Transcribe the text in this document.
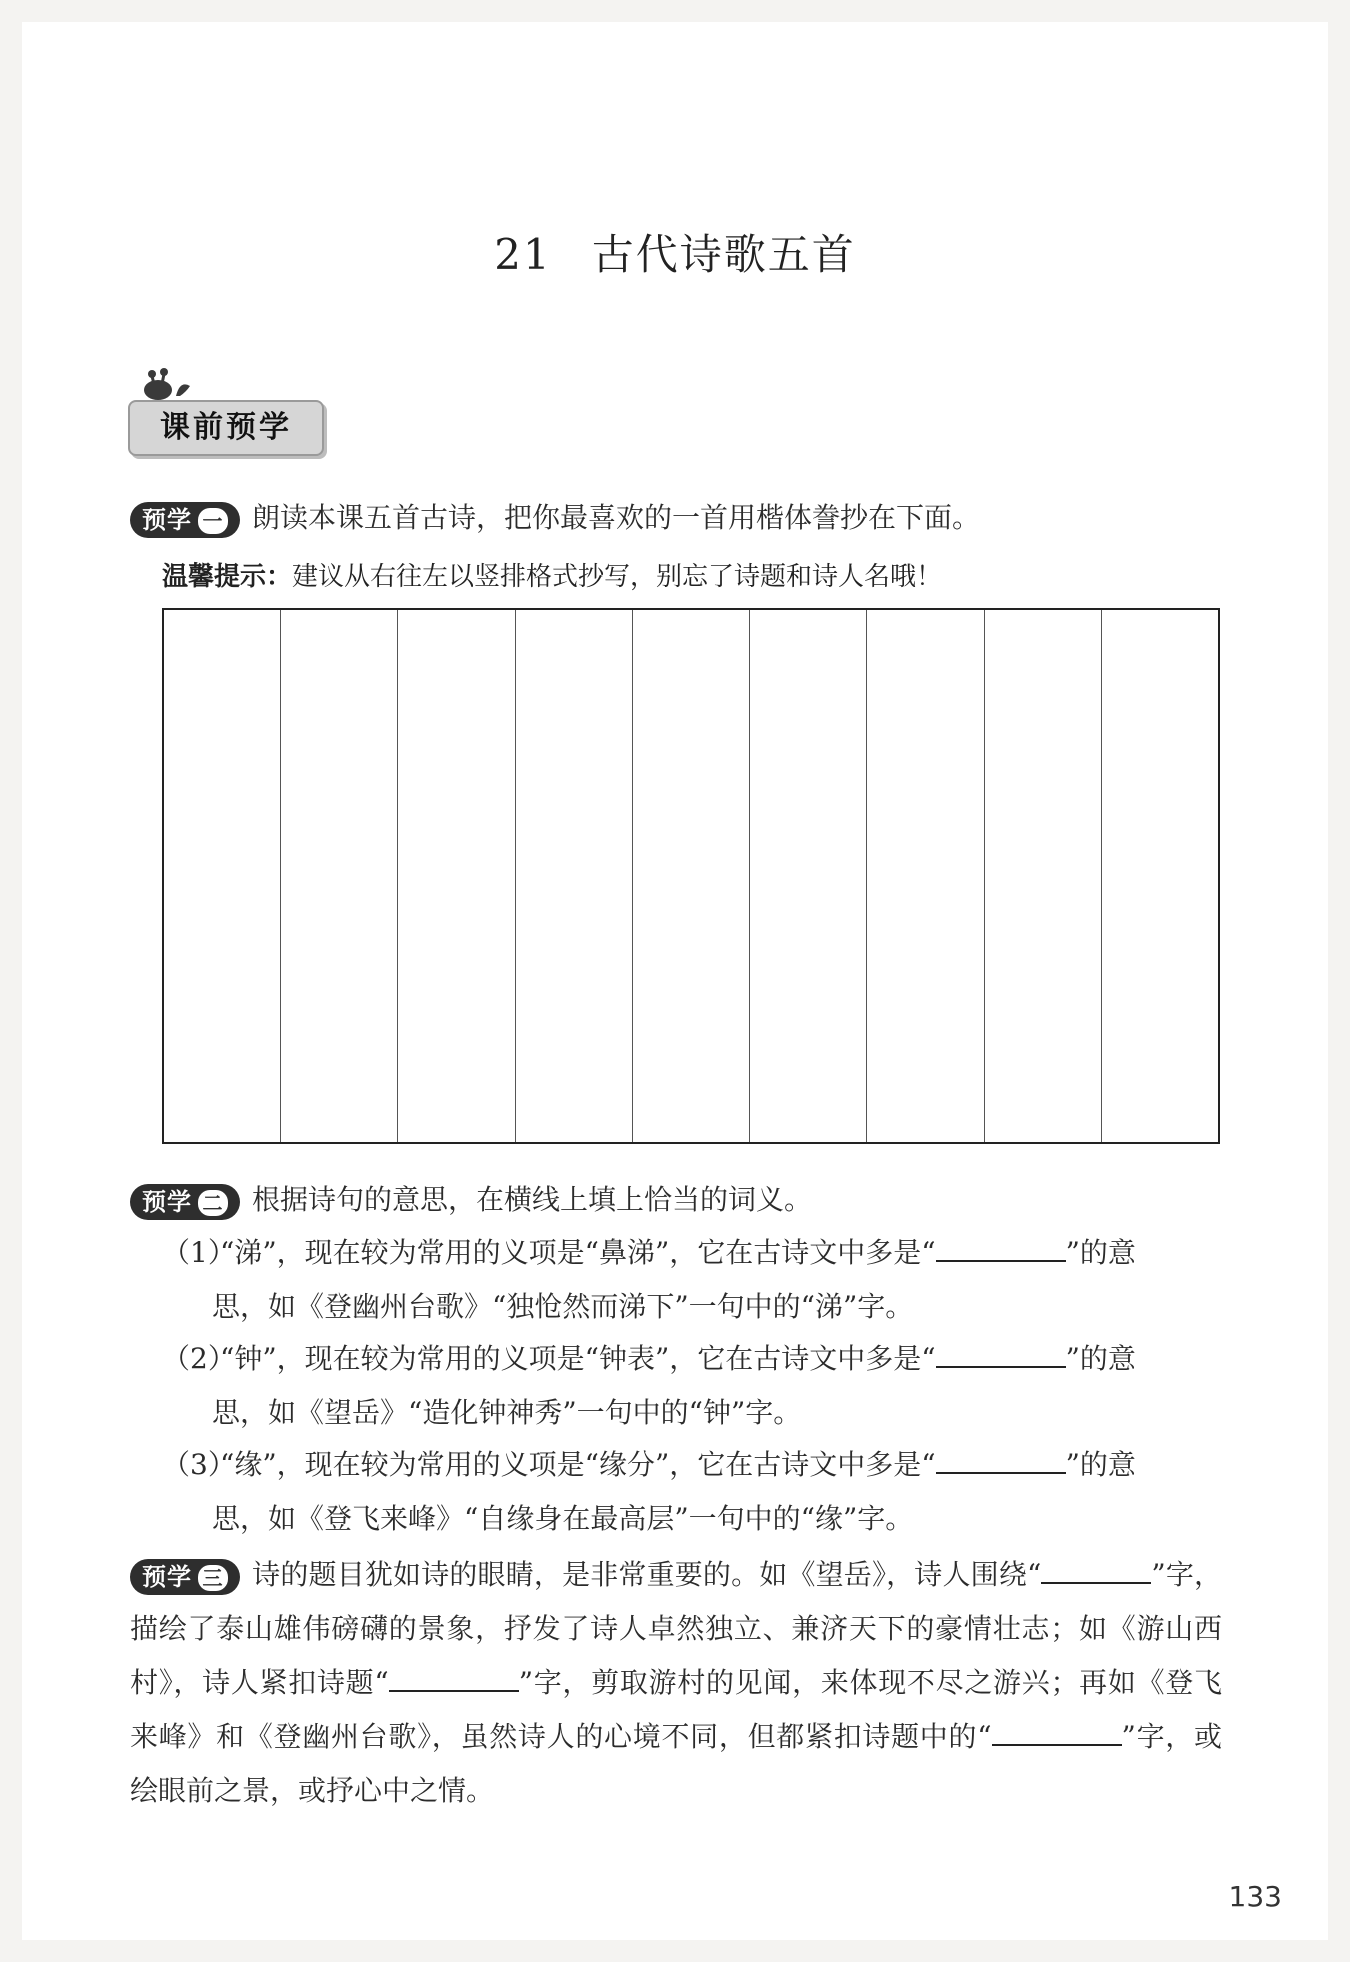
21 古代诗歌五首
课前预学
预学 一 朗读本课五首古诗，把你最喜欢的一首用楷体誊抄在下面。
温馨提示：建议从右往左以竖排格式抄写，别忘了诗题和诗人名哦！
预学 二 根据诗句的意思，在横线上填上恰当的词义。
（1）“涕”，现在较为常用的义项是“鼻涕”，它在古诗文中多是“	”的意
思，如《登幽州台歌》“独怆然而涕下”一句中的“涕”字。
（2）“钟”，现在较为常用的义项是“钟表”，它在古诗文中多是“	”的意
思，如《望岳》“造化钟神秀”一句中的“钟”字。
（3）“缘”，现在较为常用的义项是“缘分”，它在古诗文中多是“	”的意
思，如《登飞来峰》“自缘身在最高层”一句中的“缘”字。
预学 三 诗的题目犹如诗的眼睛，是非常重要的。如《望岳》，诗人围绕“	”字，描绘了泰山雄伟磅礴的景象，抒发了诗人卓然独立、兼济天下的豪情壮志；如《游山西村》，诗人紧扣诗题“	”字，剪取游村的见闻，来体现不尽之游兴；再如《登飞来峰》和《登幽州台歌》，虽然诗人的心境不同，但都紧扣诗题中的“	”字，或绘眼前之景，或抒心中之情。
133
